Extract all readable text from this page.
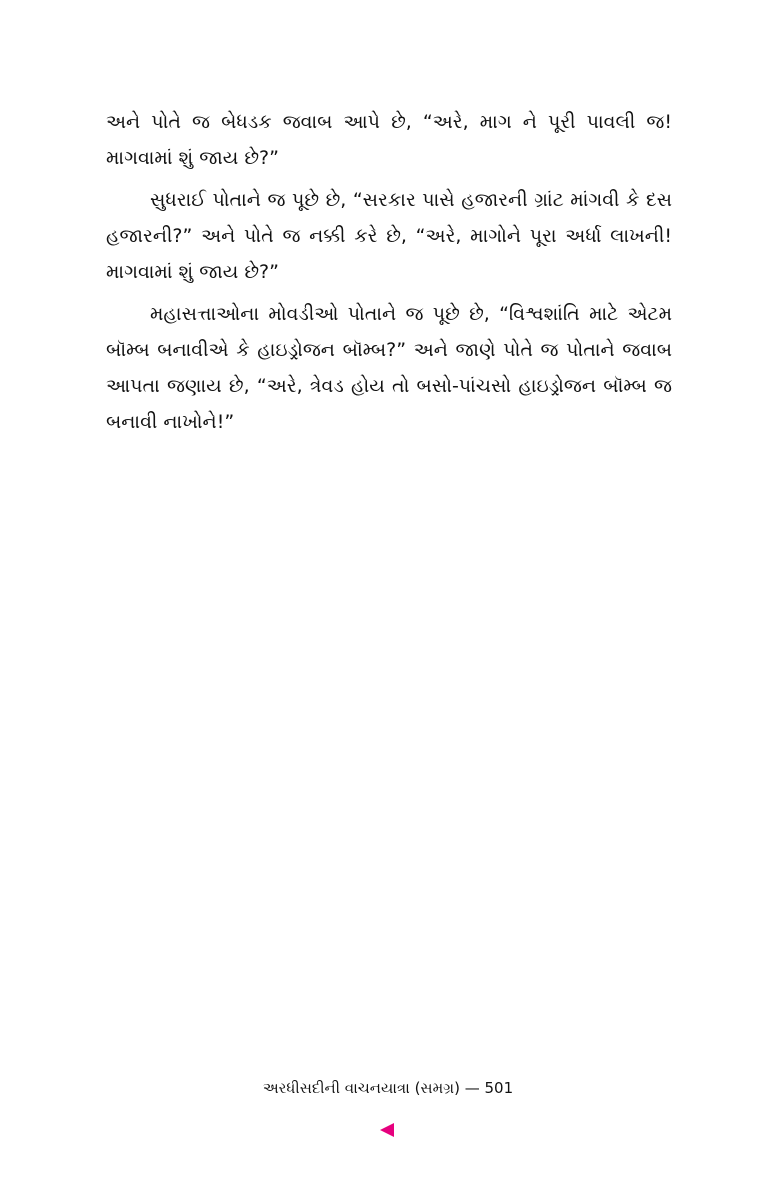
અને પોતે જ બેધડક જવાબ આપે છે, “અરે, માગ ને પૂરી પાવલી જ! માગવામાં શું જાય છે?”

સુધરાઈ પોતાને જ પૂછે છે, “સરકાર પાસે હજારની ગ્રાંટ માંગવી કે દસ હજારની?” અને પોતે જ નક્કી કરે છે, “અરે, માગોને પૂરા અર્ધા લાખની! માગવામાં શું જાય છે?”

મહાસત્તાઓના મોવડીઓ પોતાને જ પૂછે છે, “વિશ્વશાંતિ માટે એટમ બૉમ્બ બનાવીએ કે હાઇડ્રોજન બૉમ્બ?” અને જાણે પોતે જ પોતાને જવાબ આપતા જણાય છે, “અરે, ત્રેવડ હોય તો બસો-પાંચસો હાઇડ્રોજન બૉમ્બ જ બનાવી નાખોને!”

અરધીસદીની વાચનયાત્રા (સમગ્ર) — 501
